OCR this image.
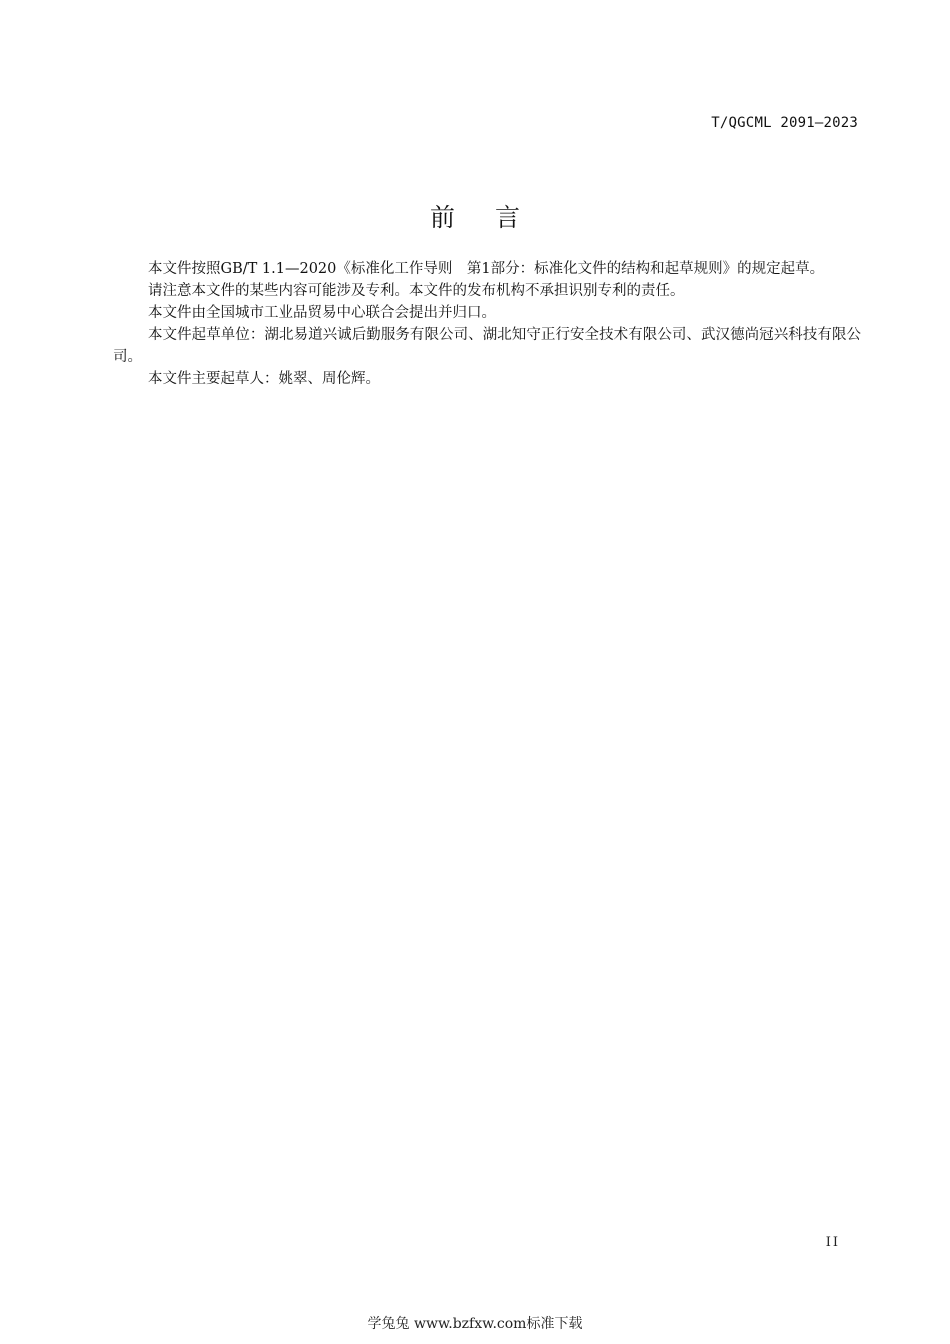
T/QGCML 2091—2023
前言

本文件按照GB/T 1.1—2020《标准化工作导则　第1部分：标准化文件的结构和起草规则》的规定起草。

请注意本文件的某些内容可能涉及专利。本文件的发布机构不承担识别专利的责任。

本文件由全国城市工业品贸易中心联合会提出并归口。

本文件起草单位：湖北易道兴诚后勤服务有限公司、湖北知守正行安全技术有限公司、武汉德尚冠兴科技有限公司。

本文件主要起草人：姚翠、周伦辉。

II
学兔兔 www.bzfxw.com标准下载
